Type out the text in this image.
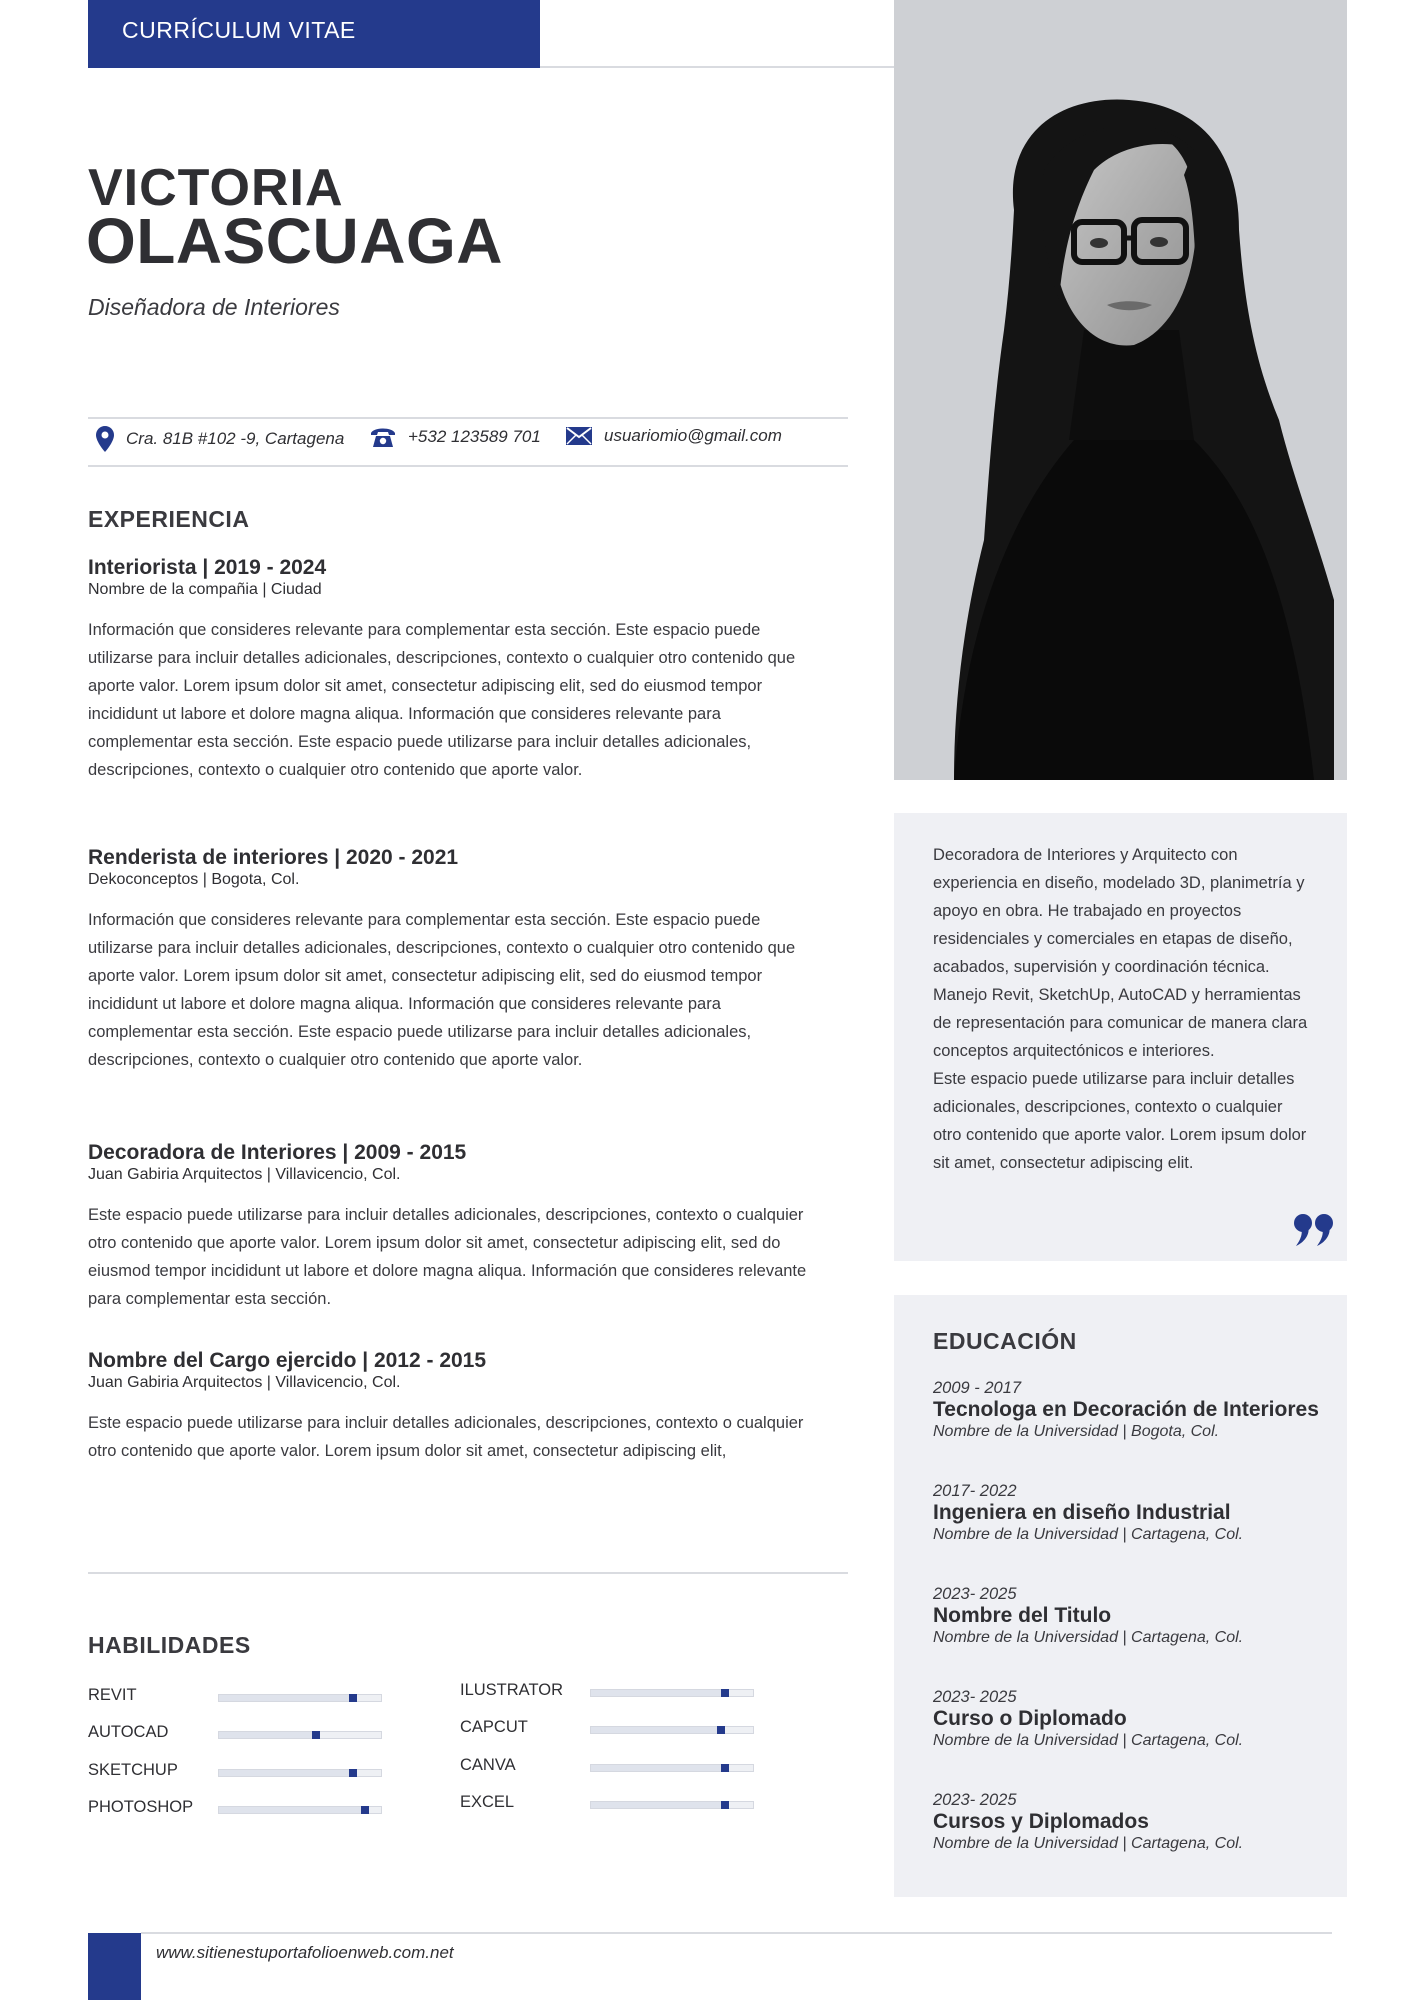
CURRÍCULUM VITAE
VICTORIA
OLASCUAGA
Diseñadora de Interiores
Cra. 81B #102 -9, Cartagena	+532 123589 701	usuariomio@gmail.com
EXPERIENCIA
Interiorista | 2019 - 2024
Nombre de la compañia | Ciudad
Información que consideres relevante para complementar esta sección. Este espacio puede utilizarse para incluir detalles adicionales, descripciones, contexto o cualquier otro contenido que aporte valor. Lorem ipsum dolor sit amet, consectetur adipiscing elit, sed do eiusmod tempor incididunt ut labore et dolore magna aliqua. Información que consideres relevante para complementar esta sección. Este espacio puede utilizarse para incluir detalles adicionales, descripciones, contexto o cualquier otro contenido que aporte valor.
Renderista de interiores | 2020 - 2021
Dekoconceptos | Bogota, Col.
Información que consideres relevante para complementar esta sección. Este espacio puede utilizarse para incluir detalles adicionales, descripciones, contexto o cualquier otro contenido que aporte valor. Lorem ipsum dolor sit amet, consectetur adipiscing elit, sed do eiusmod tempor incididunt ut labore et dolore magna aliqua. Información que consideres relevante para complementar esta sección. Este espacio puede utilizarse para incluir detalles adicionales, descripciones, contexto o cualquier otro contenido que aporte valor.
Decoradora de Interiores | 2009 - 2015
Juan Gabiria Arquitectos | Villavicencio, Col.
Este espacio puede utilizarse para incluir detalles adicionales, descripciones, contexto o cualquier otro contenido que aporte valor. Lorem ipsum dolor sit amet, consectetur adipiscing elit, sed do eiusmod tempor incididunt ut labore et dolore magna aliqua. Información que consideres relevante para complementar esta sección.
Nombre del Cargo ejercido | 2012 - 2015
Juan Gabiria Arquitectos | Villavicencio, Col.
Este espacio puede utilizarse para incluir detalles adicionales, descripciones, contexto o cualquier otro contenido que aporte valor. Lorem ipsum dolor sit amet, consectetur adipiscing elit,
HABILIDADES
REVIT
AUTOCAD
SKETCHUP
PHOTOSHOP
ILUSTRATOR
CAPCUT
CANVA
EXCEL
Decoradora de Interiores y Arquitecto con experiencia en diseño, modelado 3D, planimetría y apoyo en obra. He trabajado en proyectos residenciales y comerciales en etapas de diseño, acabados, supervisión y coordinación técnica. Manejo Revit, SketchUp, AutoCAD y herramientas de representación para comunicar de manera clara conceptos arquitectónicos e interiores.
Este espacio puede utilizarse para incluir detalles adicionales, descripciones, contexto o cualquier otro contenido que aporte valor. Lorem ipsum dolor sit amet, consectetur adipiscing elit.
EDUCACIÓN
2009 - 2017
Tecnologa en Decoración de Interiores
Nombre de la Universidad | Bogota, Col.
2017- 2022
Ingeniera en diseño Industrial
Nombre de la Universidad | Cartagena, Col.
2023- 2025
Nombre del Titulo
Nombre de la Universidad | Cartagena, Col.
2023- 2025
Curso o Diplomado
Nombre de la Universidad | Cartagena, Col.
2023- 2025
Cursos y Diplomados
Nombre de la Universidad | Cartagena, Col.
www.sitienestuportafolioenweb.com.net
